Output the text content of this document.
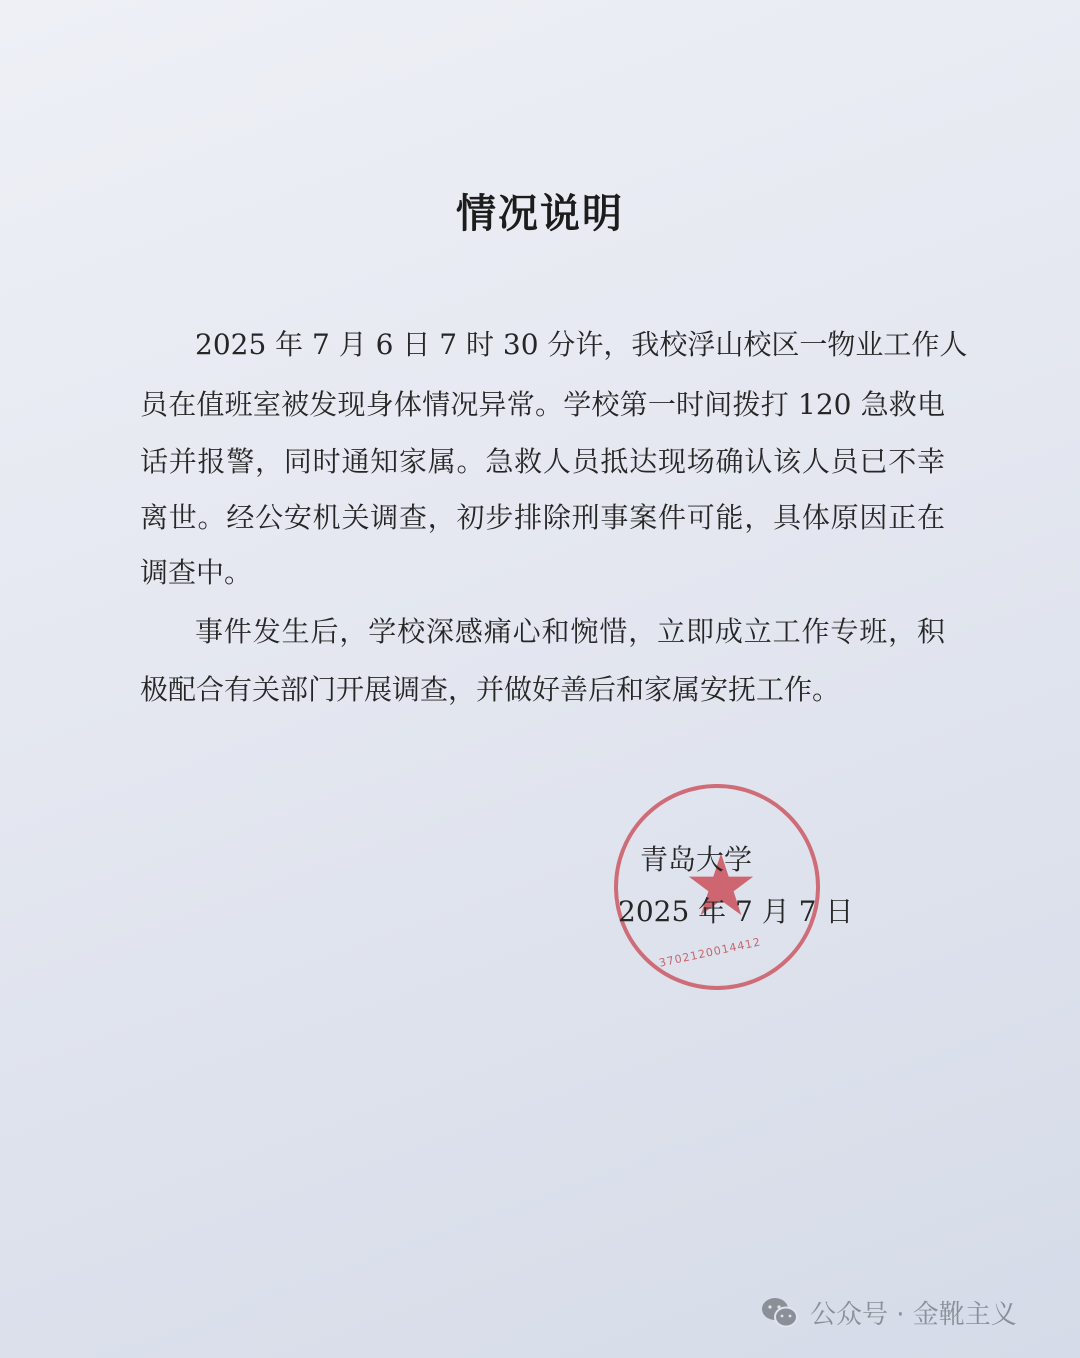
情况说明
2025 年 7 月 6 日 7 时 30 分许，我校浮山校区一物业工作人
员在值班室被发现身体情况异常。学校第一时间拨打 120 急救电
话并报警，同时通知家属。急救人员抵达现场确认该人员已不幸
离世。经公安机关调查，初步排除刑事案件可能，具体原因正在
调查中。
事件发生后，学校深感痛心和惋惜，立即成立工作专班，积
极配合有关部门开展调查，并做好善后和家属安抚工作。
3702120014412
青岛大学
2025 年 7 月 7 日
公众号 · 金靴主义
